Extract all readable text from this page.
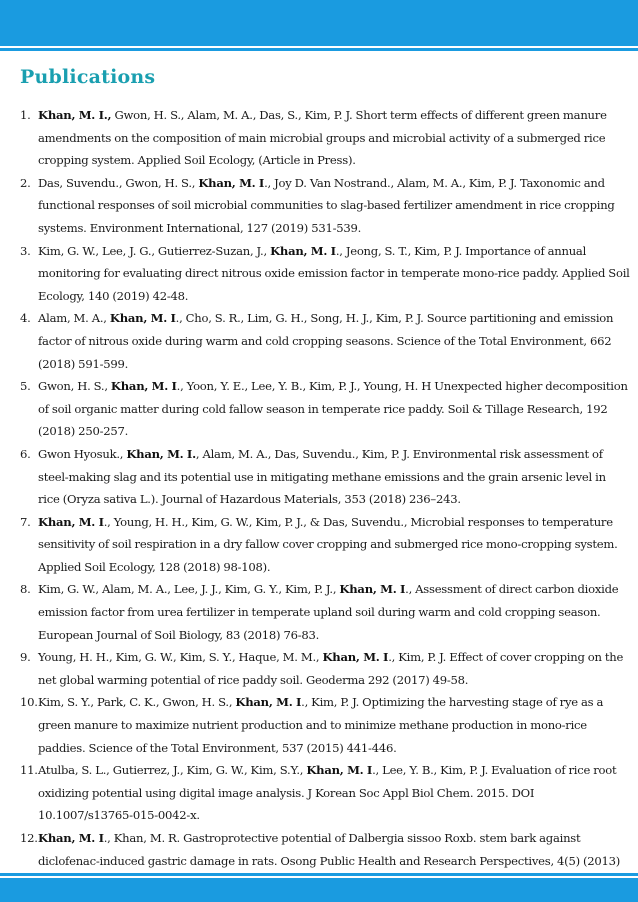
Publications
1. Khan, M. I., Gwon, H. S., Alam, M. A., Das, S., Kim, P. J. Short term effects of different green manure amendments on the composition of main microbial groups and microbial activity of a submerged rice cropping system. Applied Soil Ecology, (Article in Press).
2. Das, Suvendu., Gwon, H. S., Khan, M. I., Joy D. Van Nostrand., Alam, M. A., Kim, P. J. Taxonomic and functional responses of soil microbial communities to slag-based fertilizer amendment in rice cropping systems. Environment International, 127 (2019) 531-539.
3. Kim, G. W., Lee, J. G., Gutierrez-Suzan, J., Khan, M. I., Jeong, S. T., Kim, P. J. Importance of annual monitoring for evaluating direct nitrous oxide emission factor in temperate mono-rice paddy. Applied Soil Ecology, 140 (2019) 42-48.
4. Alam, M. A., Khan, M. I., Cho, S. R., Lim, G. H., Song, H. J., Kim, P. J. Source partitioning and emission factor of nitrous oxide during warm and cold cropping seasons. Science of the Total Environment, 662 (2018) 591-599.
5. Gwon, H. S., Khan, M. I., Yoon, Y. E., Lee, Y. B., Kim, P. J., Young, H. H Unexpected higher decomposition of soil organic matter during cold fallow season in temperate rice paddy. Soil & Tillage Research, 192 (2018) 250-257.
6. Gwon Hyosuk., Khan, M. I., Alam, M. A., Das, Suvendu., Kim, P. J. Environmental risk assessment of steel-making slag and its potential use in mitigating methane emissions and the grain arsenic level in rice (Oryza sativa L.). Journal of Hazardous Materials, 353 (2018) 236–243.
7. Khan, M. I., Young, H. H., Kim, G. W., Kim, P. J., & Das, Suvendu., Microbial responses to temperature sensitivity of soil respiration in a dry fallow cover cropping and submerged rice mono-cropping system. Applied Soil Ecology, 128 (2018) 98-108).
8. Kim, G. W., Alam, M. A., Lee, J. J., Kim, G. Y., Kim, P. J., Khan, M. I., Assessment of direct carbon dioxide emission factor from urea fertilizer in temperate upland soil during warm and cold cropping season. European Journal of Soil Biology, 83 (2018) 76-83.
9. Young, H. H., Kim, G. W., Kim, S. Y., Haque, M. M., Khan, M. I., Kim, P. J. Effect of cover cropping on the net global warming potential of rice paddy soil. Geoderma 292 (2017) 49-58.
10. Kim, S. Y., Park, C. K., Gwon, H. S., Khan, M. I., Kim, P. J. Optimizing the harvesting stage of rye as a green manure to maximize nutrient production and to minimize methane production in mono-rice paddies. Science of the Total Environment, 537 (2015) 441-446.
11. Atulba, S. L., Gutierrez, J., Kim, G. W., Kim, S.Y., Khan, M. I., Lee, Y. B., Kim, P. J. Evaluation of rice root oxidizing potential using digital image analysis. J Korean Soc Appl Biol Chem. 2015. DOI 10.1007/s13765-015-0042-x.
12. Khan, M. I., Khan, M. R. Gastroprotective potential of Dalbergia sissoo Roxb. stem bark against diclofenac-induced gastric damage in rats. Osong Public Health and Research Perspectives, 4(5) (2013)
